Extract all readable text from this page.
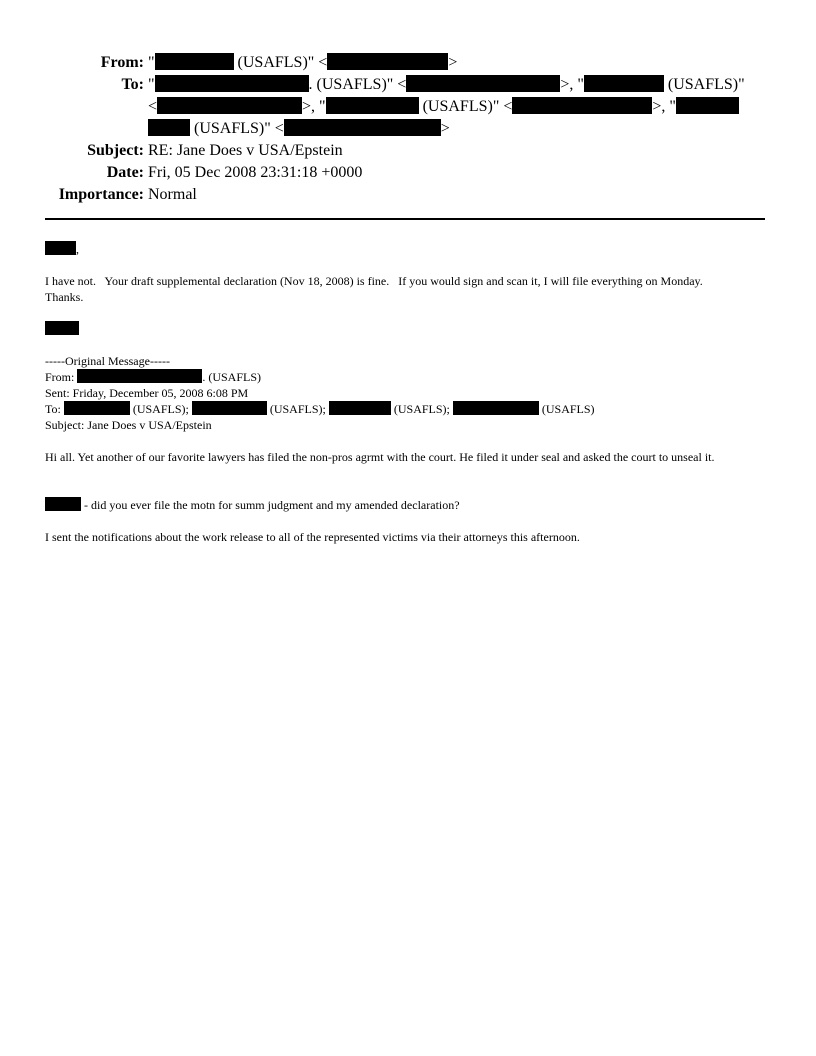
From: "	(USAFLS)" <	>
To: "	. (USAFLS)" <	>, "	(USAFLS)"
<	>, "	(USAFLS)" <	>, "
(USAFLS)" <	>
Subject: RE: Jane Does v USA/Epstein
Date: Fri, 05 Dec 2008 23:31:18 +0000
Importance: Normal
,

I have not.   Your draft supplemental declaration (Nov 18, 2008) is fine.   If you would sign and scan it, I will file everything on Monday.

Thanks.

-----Original Message-----

From:	. (USAFLS)

Sent: Friday, December 05, 2008 6:08 PM

To:	(USAFLS);	(USAFLS);	(USAFLS);	(USAFLS)

Subject: Jane Does v USA/Epstein

Hi all. Yet another of our favorite lawyers has filed the non-pros agrmt with the court. He filed it under seal and asked the court to unseal it.
- did you ever file the motn for summ judgment and my amended declaration?
I sent the notifications about the work release to all of the represented victims via their attorneys this afternoon.
